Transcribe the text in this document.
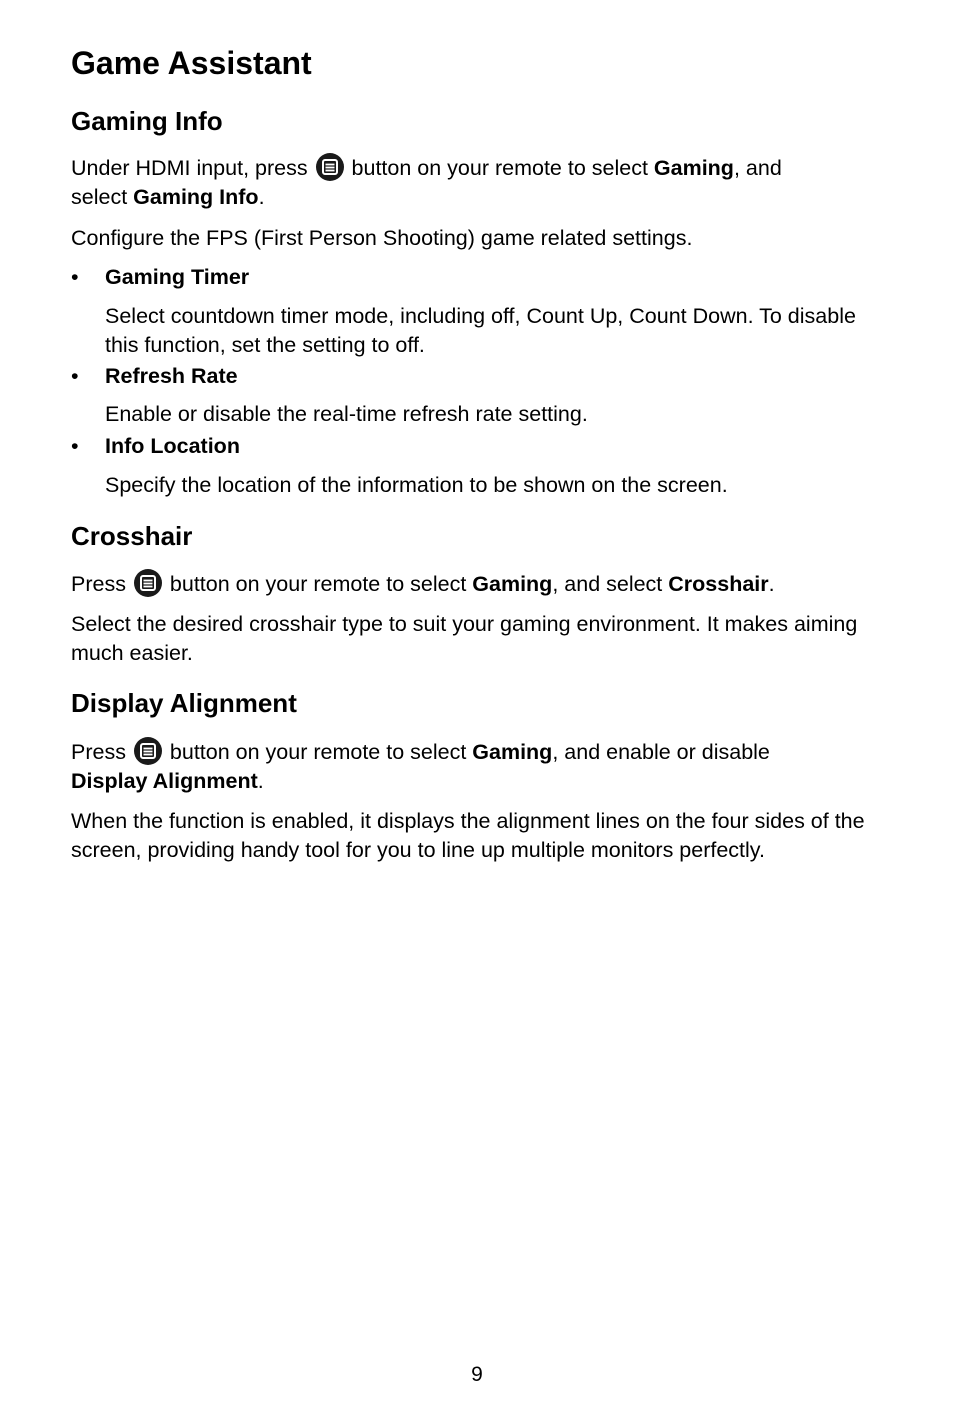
Game Assistant
Gaming Info

Under HDMI input, press
button on your remote to select Gaming, and
select Gaming Info.

Configure the FPS (First Person Shooting) game related settings.

• Gaming Timer

Select countdown timer mode, including off, Count Up, Count Down. To disable this function, set the setting to off.

• Refresh Rate

Enable or disable the real-time refresh rate setting.

• Info Location

Specify the location of the information to be shown on the screen.

Crosshair

Press
button on your remote to select Gaming, and select Crosshair.

Select the desired crosshair type to suit your gaming environment. It makes aiming much easier.

Display Alignment

Press
button on your remote to select Gaming, and enable or disable
Display Alignment.

When the function is enabled, it displays the alignment lines on the four sides of the screen, providing handy tool for you to line up multiple monitors perfectly.

9
